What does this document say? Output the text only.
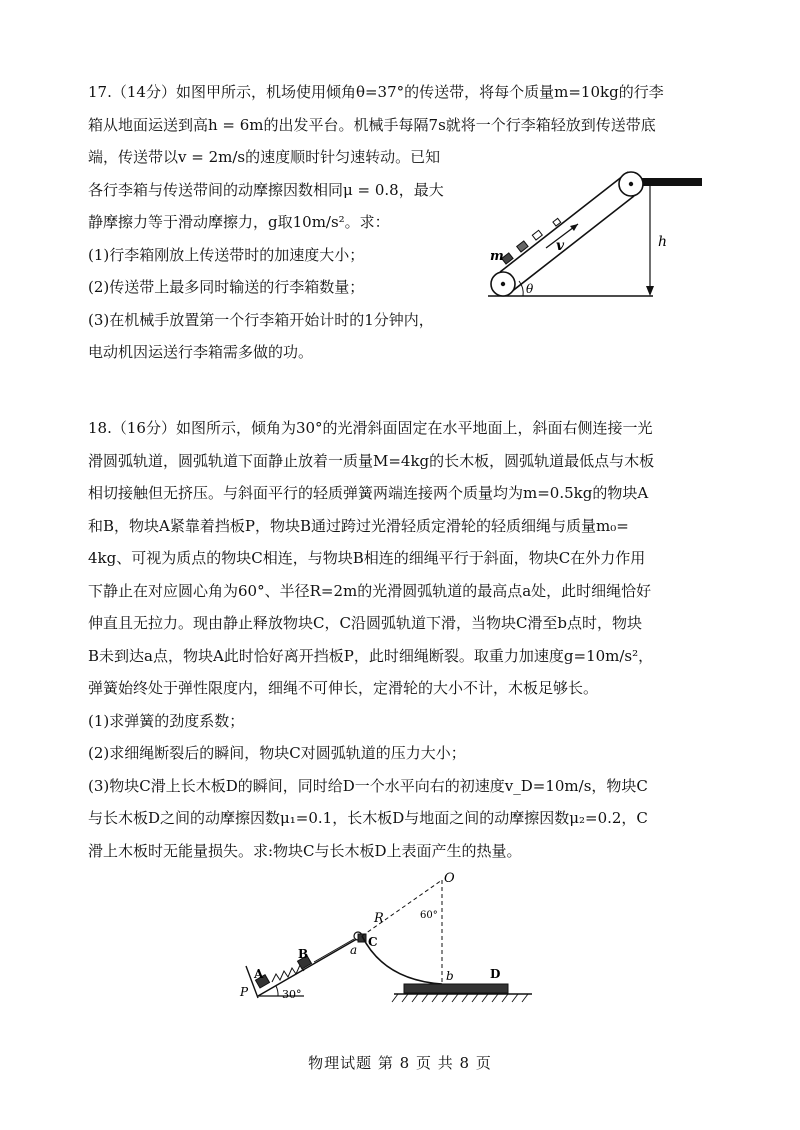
17.（14分）如图甲所示，机场使用倾角θ=37°的传送带，将每个质量m=10kg的行李

箱从地面运送到高h = 6m的出发平台。机械手每隔7s就将一个行李箱轻放到传送带底

端，传送带以v = 2m/s的速度顺时针匀速转动。已知

各行李箱与传送带间的动摩擦因数相同μ = 0.8，最大

静摩擦力等于滑动摩擦力，g取10m/s²。求：

(1)行李箱刚放上传送带时的加速度大小；

(2)传送带上最多同时输送的行李箱数量；

(3)在机械手放置第一个行李箱开始计时的1分钟内，

电动机因运送行李箱需多做的功。

h
θ
m
v

18.（16分）如图所示，倾角为30°的光滑斜面固定在水平地面上，斜面右侧连接一光

滑圆弧轨道，圆弧轨道下面静止放着一质量M=4kg的长木板，圆弧轨道最低点与木板

相切接触但无挤压。与斜面平行的轻质弹簧两端连接两个质量均为m=0.5kg的物块A

和B，物块A紧靠着挡板P，物块B通过跨过光滑轻质定滑轮的轻质细绳与质量m₀=

4kg、可视为质点的物块C相连，与物块B相连的细绳平行于斜面，物块C在外力作用

下静止在对应圆心角为60°、半径R=2m的光滑圆弧轨道的最高点a处，此时细绳恰好

伸直且无拉力。现由静止释放物块C，C沿圆弧轨道下滑，当物块C滑至b点时，物块

B未到达a点，物块A此时恰好离开挡板P，此时细绳断裂。取重力加速度g=10m/s²，

弹簧始终处于弹性限度内，细绳不可伸长，定滑轮的大小不计，木板足够长。

(1)求弹簧的劲度系数；

(2)求细绳断裂后的瞬间，物块C对圆弧轨道的压力大小；

(3)物块C滑上长木板D的瞬间，同时给D一个水平向右的初速度v_D=10m/s，物块C

与长木板D之间的动摩擦因数μ₁=0.1，长木板D与地面之间的动摩擦因数μ₂=0.2，C

滑上木板时无能量损失。求:物块C与长木板D上表面产生的热量。

30°
P
A
B
C
a
O
R	60°
b	D
物理试题 第 8 页 共 8 页
